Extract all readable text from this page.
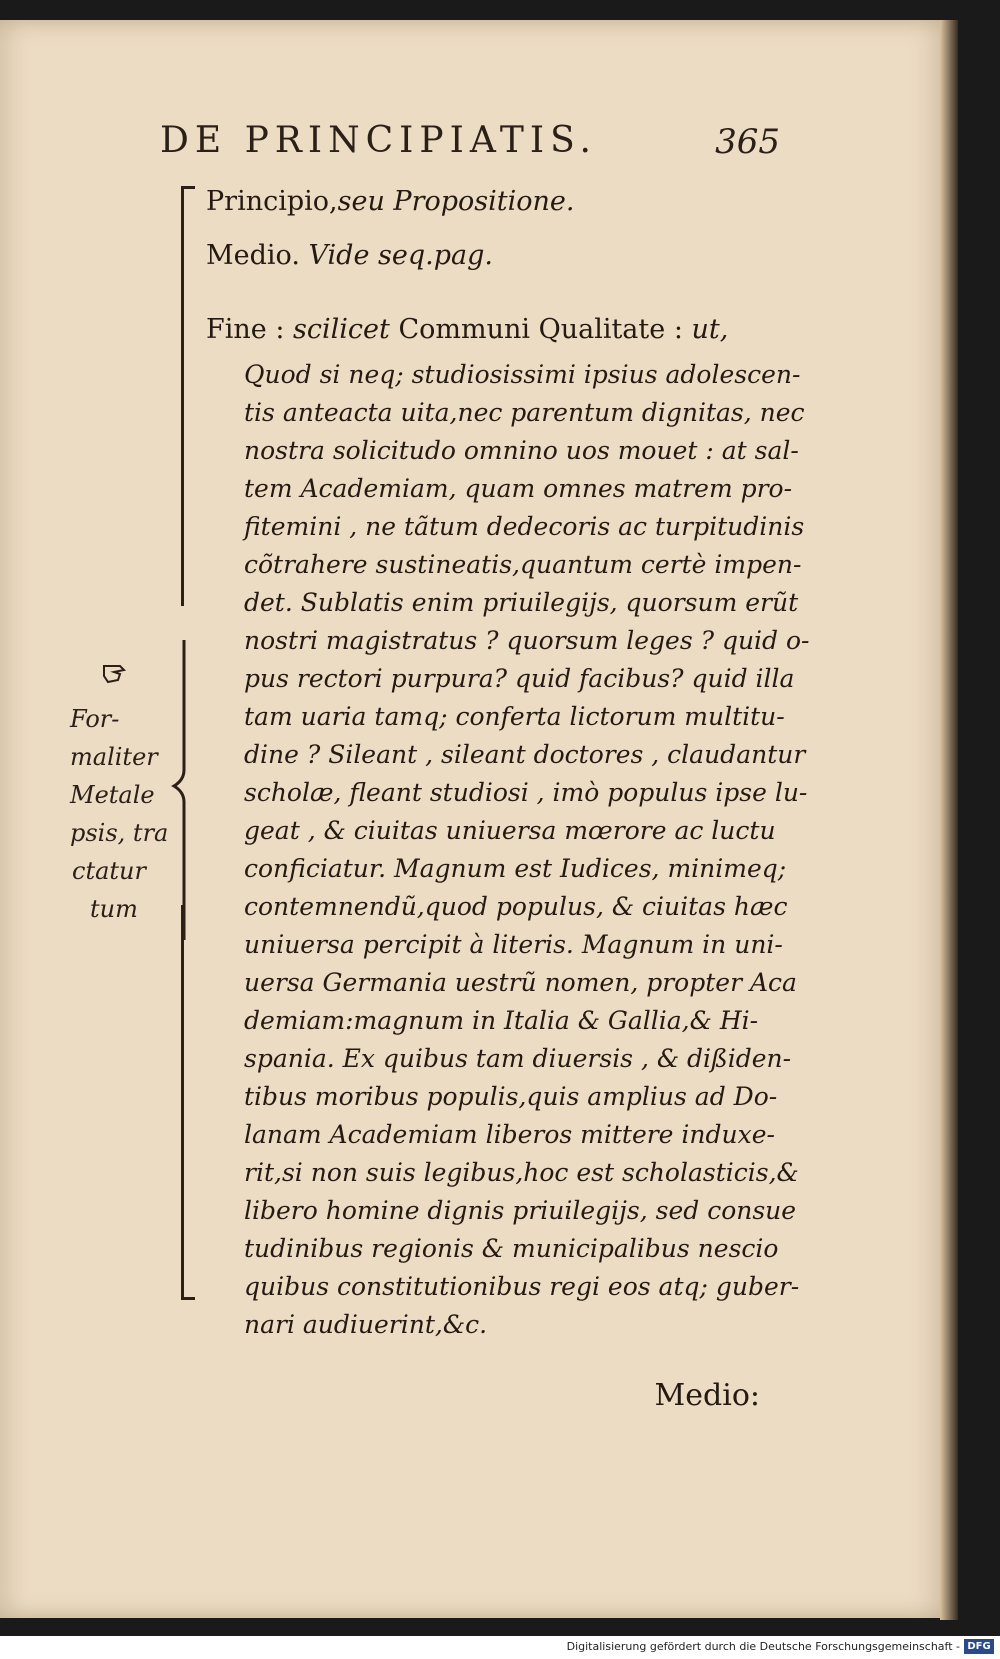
DE PRINCIPIATIS.	365
Principio,seu Propositione.
Medio. Vide seq.pag.
Fine : scilicet Communi Qualitate : ut,
Quod si neq; studiosissimi ipsius adolescen-
tis anteacta uita,nec parentum dignitas, nec
nostra solicitudo omnino uos mouet : at sal-
tem Academiam, quam omnes matrem pro-
fitemini , ne tãtum dedecoris ac turpitudinis
cõtrahere sustineatis,quantum certè impen-
det. Sublatis enim priuilegijs, quorsum erũt
nostri magistratus ? quorsum leges ? quid o-
pus rectori purpura? quid facibus? quid illa
tam uaria tamq; conferta lictorum multitu-
dine ? Sileant , sileant doctores , claudantur
scholæ, fleant studiosi , imò populus ipse lu-
geat , & ciuitas uniuersa mœrore ac luctu
conficiatur. Magnum est Iudices, minimeq;
contemnendũ,quod populus, & ciuitas hæc
uniuersa percipit à literis. Magnum in uni-
uersa Germania uestrũ nomen, propter Aca
demiam:magnum in Italia & Gallia,& Hi-
spania. Ex quibus tam diuersis , & dißiden-
tibus moribus populis,quis amplius ad Do-
lanam Academiam liberos mittere induxe-
rit,si non suis legibus,hoc est scholasticis,&
libero homine dignis priuilegijs, sed consue
tudinibus regionis & municipalibus nescio
quibus constitutionibus regi eos atq; guber-
nari audiuerint,&c.
For-
maliter
Metale
psis, tra
ctatur
tum
Medio:
Digitalisierung gefördert durch die Deutsche Forschungsgemeinschaft - DFG
